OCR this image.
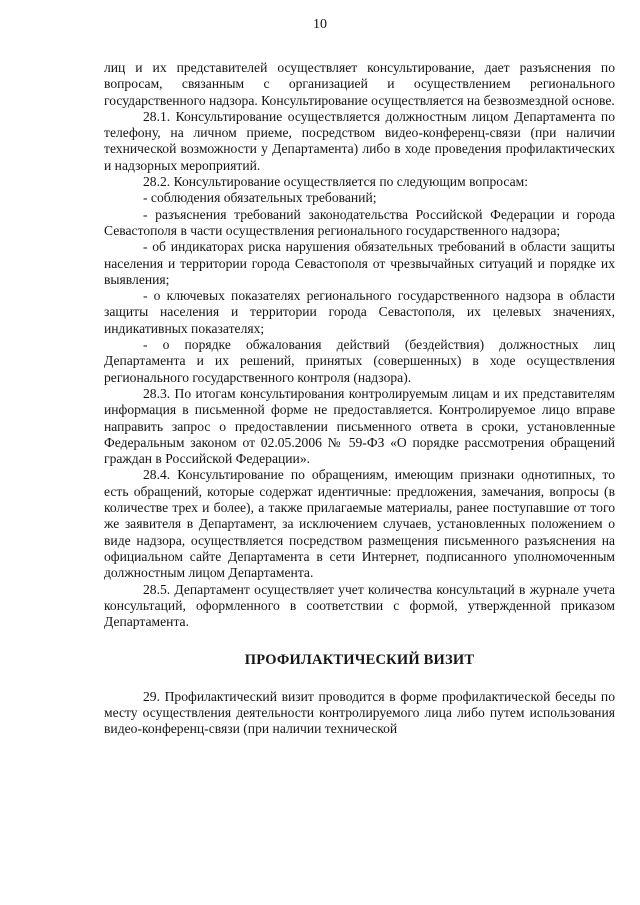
10

лиц и их представителей осуществляет консультирование, дает разъяснения по вопросам, связанным с организацией и осуществлением регионального государственного надзора. Консультирование осуществляется на безвозмездной основе.

28.1. Консультирование осуществляется должностным лицом Департамента по телефону, на личном приеме, посредством видео-конференц-связи (при наличии технической возможности у Департамента) либо в ходе проведения профилактических и надзорных мероприятий.

28.2. Консультирование осуществляется по следующим вопросам:

- соблюдения обязательных требований;

- разъяснения требований законодательства Российской Федерации и города Севастополя в части осуществления регионального государственного надзора;

- об индикаторах риска нарушения обязательных требований в области защиты населения и территории города Севастополя от чрезвычайных ситуаций и порядке их выявления;

- о ключевых показателях регионального государственного надзора в области защиты населения и территории города Севастополя, их целевых значениях, индикативных показателях;

- о порядке обжалования действий (бездействия) должностных лиц Департамента и их решений, принятых (совершенных) в ходе осуществления регионального государственного контроля (надзора).

28.3. По итогам консультирования контролируемым лицам и их представителям информация в письменной форме не предоставляется. Контролируемое лицо вправе направить запрос о предоставлении письменного ответа в сроки, установленные Федеральным законом от 02.05.2006 № 59-ФЗ «О порядке рассмотрения обращений граждан в Российской Федерации».

28.4. Консультирование по обращениям, имеющим признаки однотипных, то есть обращений, которые содержат идентичные: предложения, замечания, вопросы (в количестве трех и более), а также прилагаемые материалы, ранее поступавшие от того же заявителя в Департамент, за исключением случаев, установленных положением о виде надзора, осуществляется посредством размещения письменного разъяснения на официальном сайте Департамента в сети Интернет, подписанного уполномоченным должностным лицом Департамента.

28.5. Департамент осуществляет учет количества консультаций в журнале учета консультаций, оформленного в соответствии с формой, утвержденной приказом Департамента.

ПРОФИЛАКТИЧЕСКИЙ ВИЗИТ

29. Профилактический визит проводится в форме профилактической беседы по месту осуществления деятельности контролируемого лица либо путем использования видео-конференц-связи (при наличии технической
